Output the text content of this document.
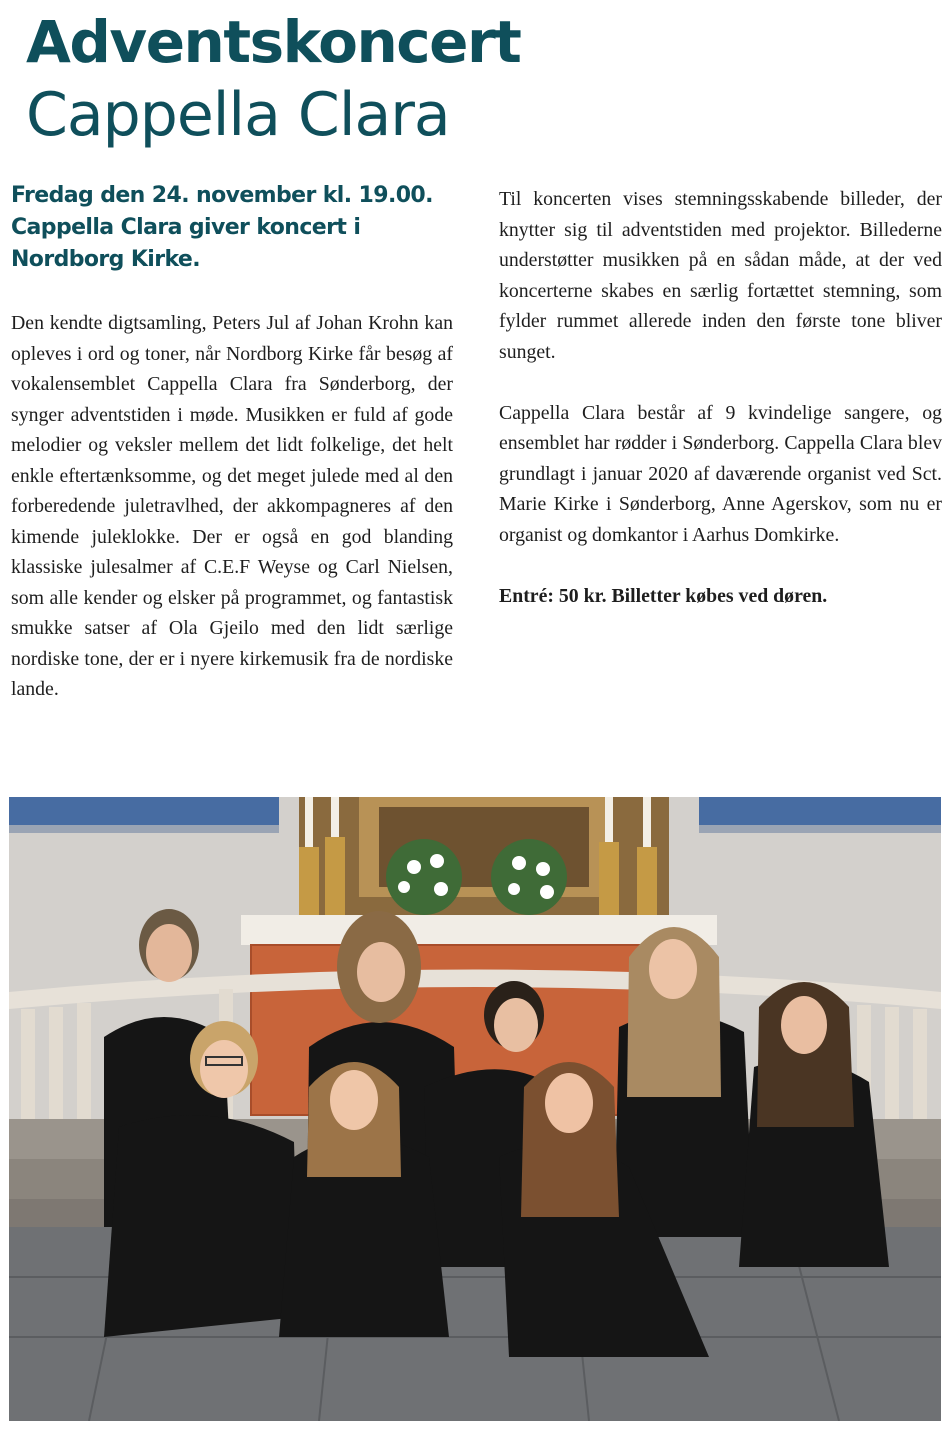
Adventskoncert
Cappella Clara

Fredag den 24. november kl. 19.00. Cappella Clara giver koncert i Nordborg Kirke.

Den kendte digtsamling, Peters Jul af Johan Krohn kan opleves i ord og toner, når Nordborg Kirke får besøg af vokalensemblet Cappella Clara fra Sønderborg, der synger adventstiden i møde. Musikken er fuld af gode melodier og veksler mellem det lidt folkelige, det helt enkle eftertænksomme, og det meget julede med al den forberedende juletravlhed, der akkompagneres af den kimende juleklokke. Der er også en god blanding klassiske julesalmer af C.E.F Weyse og Carl Nielsen, som alle kender og elsker på programmet, og fantastisk smukke satser af Ola Gjeilo med den lidt særlige nordiske tone, der er i nyere kirkemusik fra de nordiske lande.

Til koncerten vises stemningsskabende billeder, der knytter sig til adventstiden med projektor. Billederne understøtter musikken på en sådan måde, at der ved koncerterne skabes en særlig fortættet stemning, som fylder rummet allerede inden den første tone bliver sunget.

Cappella Clara består af 9 kvindelige sangere, og ensemblet har rødder i Sønderborg. Cappella Clara blev grundlagt i januar 2020 af daværende organist ved Sct. Marie Kirke i Sønderborg, Anne Agerskov, som nu er organist og domkantor i Aarhus Domkirke.

Entré: 50 kr. Billetter købes ved døren.
